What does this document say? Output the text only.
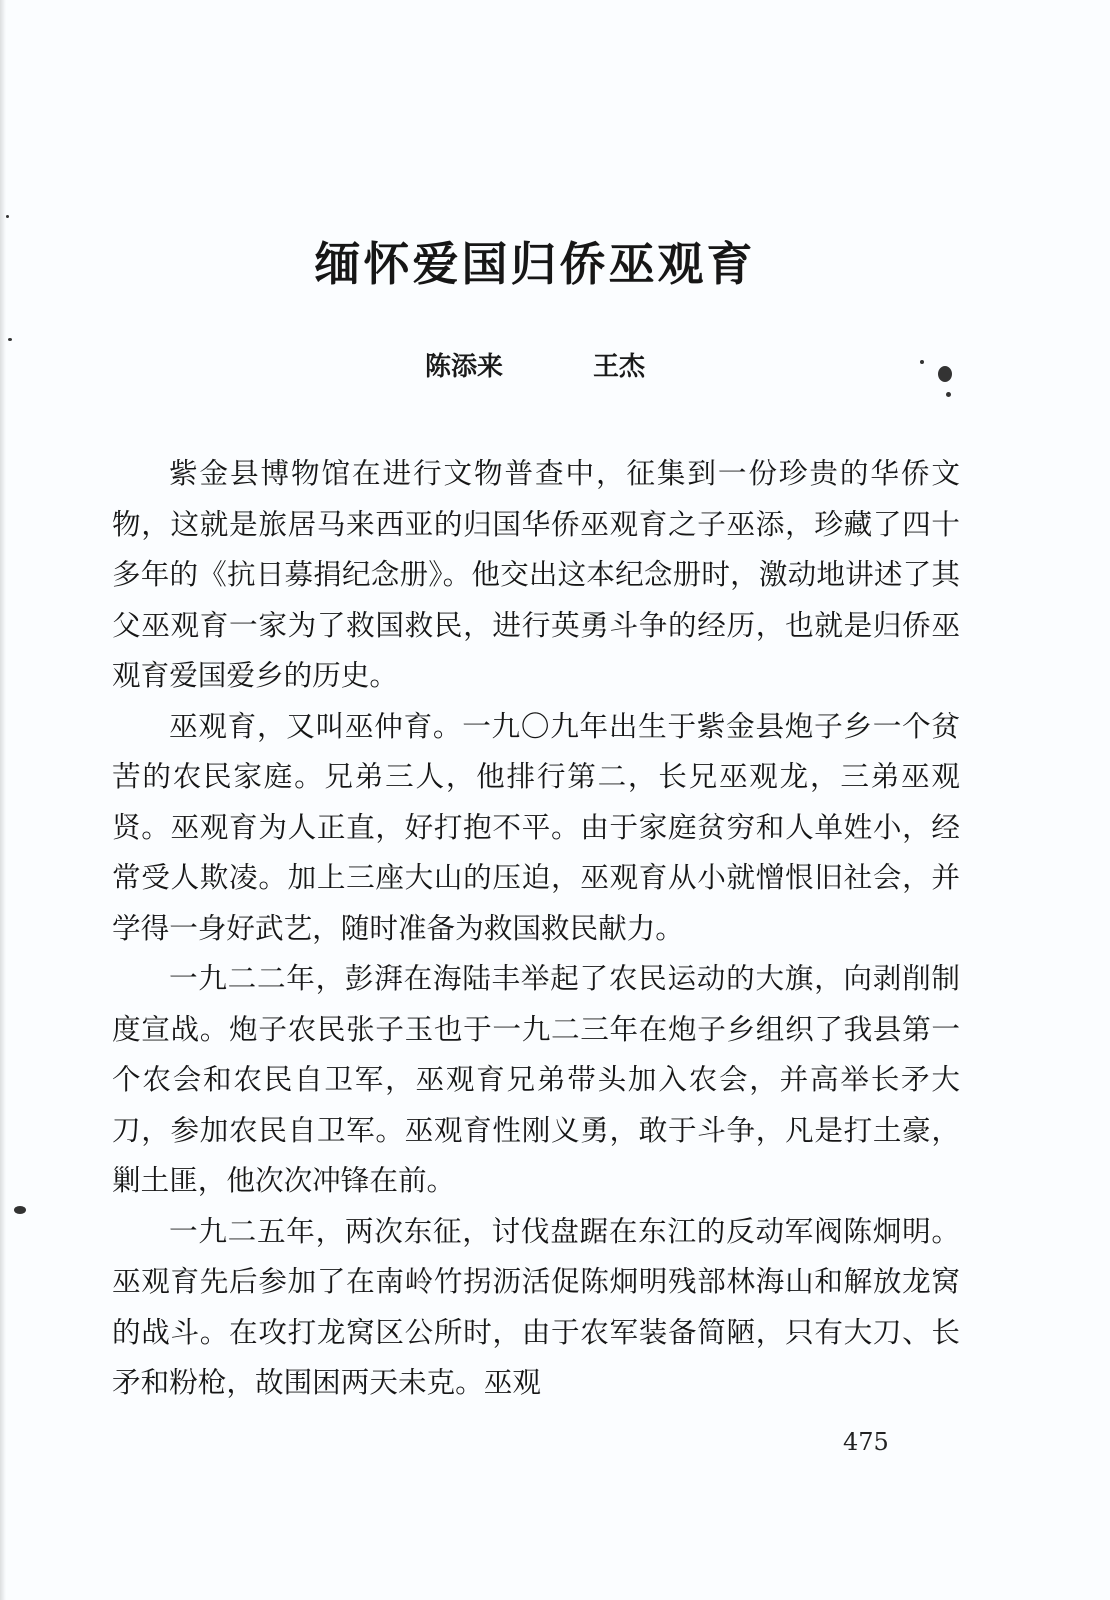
缅怀爱国归侨巫观育
陈添来	王杰

紫金县博物馆在进行文物普查中，征集到一份珍贵的华侨文物，这就是旅居马来西亚的归国华侨巫观育之子巫添，珍藏了四十多年的《抗日募捐纪念册》。他交出这本纪念册时，激动地讲述了其父巫观育一家为了救国救民，进行英勇斗争的经历，也就是归侨巫观育爱国爱乡的历史。

巫观育，又叫巫仲育。一九〇九年出生于紫金县炮子乡一个贫苦的农民家庭。兄弟三人，他排行第二，长兄巫观龙，三弟巫观贤。巫观育为人正直，好打抱不平。由于家庭贫穷和人单姓小，经常受人欺凌。加上三座大山的压迫，巫观育从小就憎恨旧社会，并学得一身好武艺，随时准备为救国救民献力。

一九二二年，彭湃在海陆丰举起了农民运动的大旗，向剥削制度宣战。炮子农民张子玉也于一九二三年在炮子乡组织了我县第一个农会和农民自卫军，巫观育兄弟带头加入农会，并高举长矛大刀，参加农民自卫军。巫观育性刚义勇，敢于斗争，凡是打土豪，剿土匪，他次次冲锋在前。

一九二五年，两次东征，讨伐盘踞在东江的反动军阀陈炯明。巫观育先后参加了在南岭竹拐沥活促陈炯明残部林海山和解放龙窝的战斗。在攻打龙窝区公所时，由于农军装备简陋，只有大刀、长矛和粉枪，故围困两天未克。巫观

475
